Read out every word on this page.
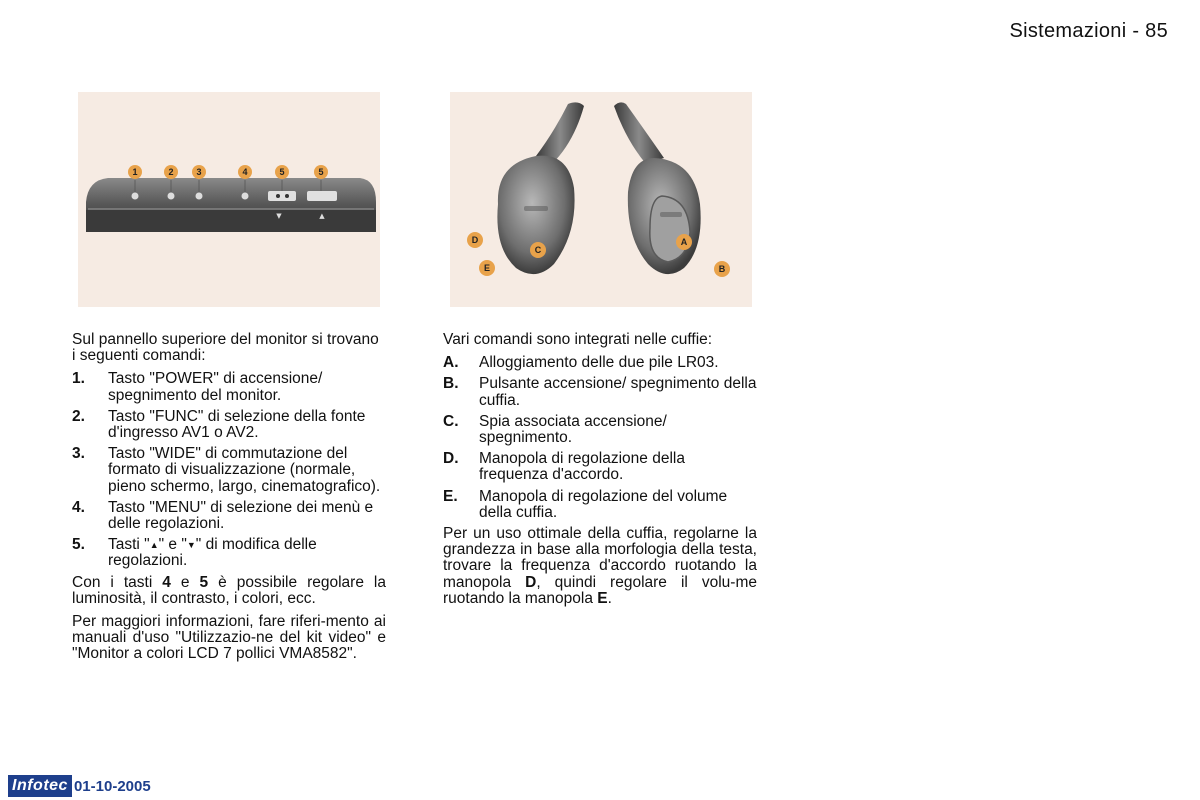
Sistemazioni - 85
▼	▲
1	2	3	4	5	5
D
E
C
A
B

Sul pannello superiore del monitor si trovano i seguenti comandi:

1. Tasto "POWER" di accensione/ spegnimento del monitor.
2. Tasto "FUNC" di selezione della fonte d'ingresso AV1 o AV2.
3. Tasto "WIDE" di commutazione del formato di visualizzazione (normale, pieno schermo, largo, cinematografico).
4. Tasto "MENU" di selezione dei menù e delle regolazioni.
5. Tasti "▲" e "▼" di modifica delle regolazioni.

Con i tasti 4 e 5 è possibile regolare la luminosità, il contrasto, i colori, ecc.

Per maggiori informazioni, fare riferi-mento ai manuali d'uso "Utilizzazio-ne del kit video" e "Monitor a colori LCD 7 pollici VMA8582".

Vari comandi sono integrati nelle cuffie:

A. Alloggiamento delle due pile LR03.
B. Pulsante accensione/ spegnimento della cuffia.
C. Spia associata accensione/ spegnimento.
D. Manopola di regolazione della frequenza d'accordo.
E. Manopola di regolazione del volume della cuffia.

Per un uso ottimale della cuffia, regolarne la grandezza in base alla morfologia della testa, trovare la frequenza d'accordo ruotando la manopola D, quindi regolare il volu-me ruotando la manopola E.

Infotec 01-10-2005
